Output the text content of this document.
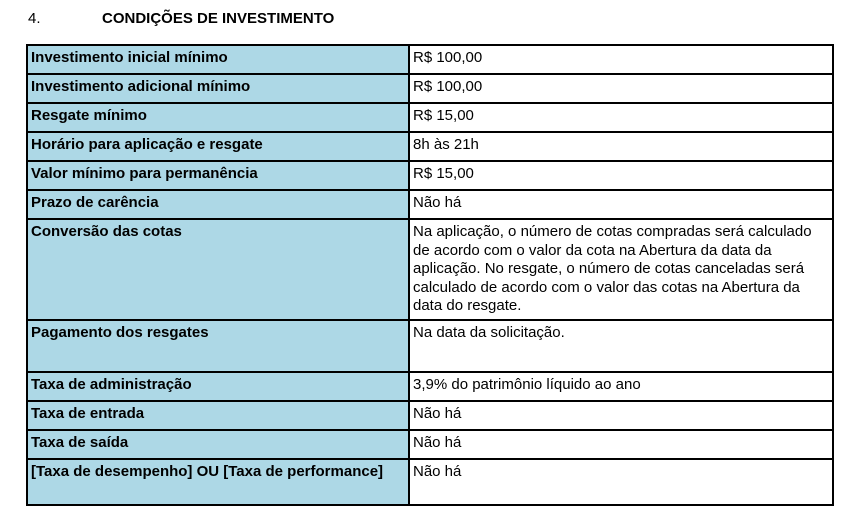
4.	CONDIÇÕES DE INVESTIMENTO
Investimento inicial mínimo	R$ 100,00
Investimento adicional mínimo	R$ 100,00
Resgate mínimo	R$ 15,00
Horário para aplicação e resgate	8h às 21h
Valor mínimo para permanência	R$ 15,00
Prazo de carência	Não há
Conversão das cotas	Na aplicação, o número de cotas compradas será calculado de acordo com o valor da cota na Abertura da data da aplicação. No resgate, o número de cotas canceladas será calculado de acordo com o valor das cotas na Abertura da data do resgate.
Pagamento dos resgates	Na data da solicitação.
Taxa de administração	3,9% do patrimônio líquido ao ano
Taxa de entrada	Não há
Taxa de saída	Não há
[Taxa de desempenho] OU [Taxa de performance]	Não há
